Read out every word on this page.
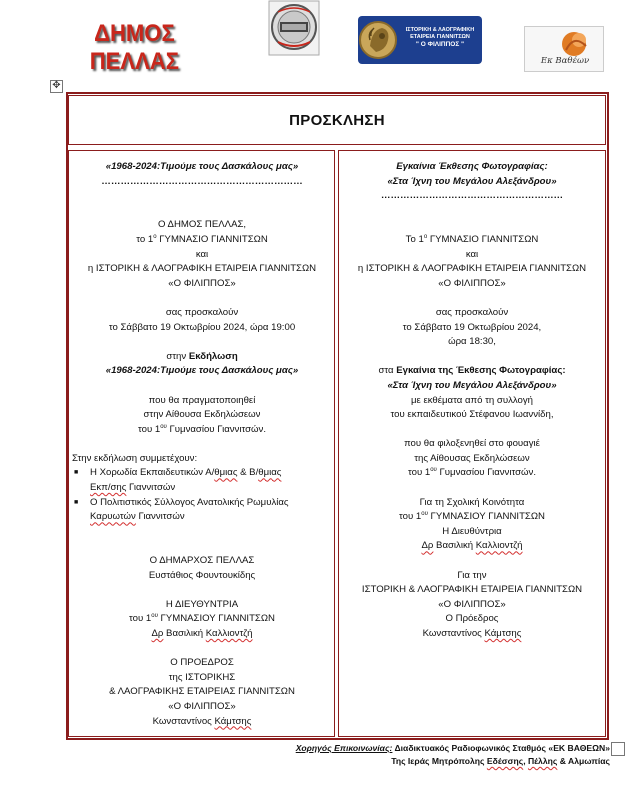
ΔΗΜΟΣ ΠΕΛΛΑΣ
ΙΣΤΟΡΙΚΗ & ΛΑΟΓΡΑΦΙΚΗ
ΕΤΑΙΡΕΙΑ ΓΙΑΝΝΙΤΣΩΝ
" Ο ΦΙΛΙΠΠΟΣ "
Εκ Βαθέων
✥
ΠΡΟΣΚΛΗΣΗ

«1968-2024:Τιμούμε τους Δασκάλους μας»

………………………………………………………

Ο ΔΗΜΟΣ ΠΕΛΛΑΣ,

το $1^o$ ΓΥΜΝΑΣΙΟ ΓΙΑΝΝΙΤΣΩΝ

και

η ΙΣΤΟΡΙΚΗ & ΛΑΟΓΡΑΦΙΚΗ ΕΤΑΙΡΕΙΑ ΓΙΑΝΝΙΤΣΩΝ

«Ο ΦΙΛΙΠΠΟΣ»

σας προσκαλούν

το Σάββατο 19 Οκτωβρίου 2024, ώρα 19:00

στην Εκδήλωση

«1968-2024:Τιμούμε τους Δασκάλους μας»

που θα πραγματοποιηθεί

στην Αίθουσα Εκδηλώσεων

του $1^{o\upsilon}$ Γυμνασίου Γιαννιτσών.

Στην εκδήλωση συμμετέχουν:

■ Η Χορωδία Εκπαιδευτικών Α/θμιας & Β/θμιας
Εκπ/σης Γιαννιτσών
■ Ο Πολιτιστικός Σύλλογος Ανατολικής Ρωμυλίας
Καρυωτών Γιαννιτσών

Ο ΔΗΜΑΡΧΟΣ ΠΕΛΛΑΣ

Ευστάθιος Φουντουκίδης

Η ΔΙΕΥΘΥΝΤΡΙΑ

του $1^{o\upsilon}$ ΓΥΜΝΑΣΙΟΥ ΓΙΑΝΝΙΤΣΩΝ

Δρ Βασιλική Καλλιοντζή

Ο ΠΡΟΕΔΡΟΣ

της ΙΣΤΟΡΙΚΗΣ

& ΛΑΟΓΡΑΦΙΚΗΣ ΕΤΑΙΡΕΙΑΣ ΓΙΑΝΝΙΤΣΩΝ

«Ο ΦΙΛΙΠΠΟΣ»

Κωνσταντίνος Κάμτσης

Εγκαίνια Έκθεσης Φωτογραφίας:

«Στα Ίχνη του Μεγάλου Αλεξάνδρου»

…………………………………………………

Το $1^o$ ΓΥΜΝΑΣΙΟ ΓΙΑΝΝΙΤΣΩΝ

και

η ΙΣΤΟΡΙΚΗ & ΛΑΟΓΡΑΦΙΚΗ ΕΤΑΙΡΕΙΑ ΓΙΑΝΝΙΤΣΩΝ

«Ο ΦΙΛΙΠΠΟΣ»

σας προσκαλούν

το Σάββατο 19 Οκτωβρίου 2024,

ώρα 18:30,

στα Εγκαίνια της Έκθεσης Φωτογραφίας:

«Στα Ίχνη του Μεγάλου Αλεξάνδρου»

με εκθέματα από τη συλλογή

του εκπαιδευτικού Στέφανου Ιωαννίδη,

που θα φιλοξενηθεί στο φουαγιέ

της Αίθουσας Εκδηλώσεων

του $1^{o\upsilon}$ Γυμνασίου Γιαννιτσών.

Για τη Σχολική Κοινότητα

του $1^{o\upsilon}$ ΓΥΜΝΑΣΙΟΥ ΓΙΑΝΝΙΤΣΩΝ

Η Διευθύντρια

Δρ Βασιλική Καλλιοντζή

Για την

ΙΣΤΟΡΙΚΗ & ΛΑΟΓΡΑΦΙΚΗ ΕΤΑΙΡΕΙΑ ΓΙΑΝΝΙΤΣΩΝ

«Ο ΦΙΛΙΠΠΟΣ»

Ο Πρόεδρος

Κωνσταντίνος Κάμτσης

Χορηγός Επικοινωνίας: Διαδικτυακός Ραδιοφωνικός Σταθμός «ΕΚ ΒΑΘΕΩΝ»
Της Ιεράς Μητρόπολης Εδέσσης, Πέλλης & Αλμωπίας
